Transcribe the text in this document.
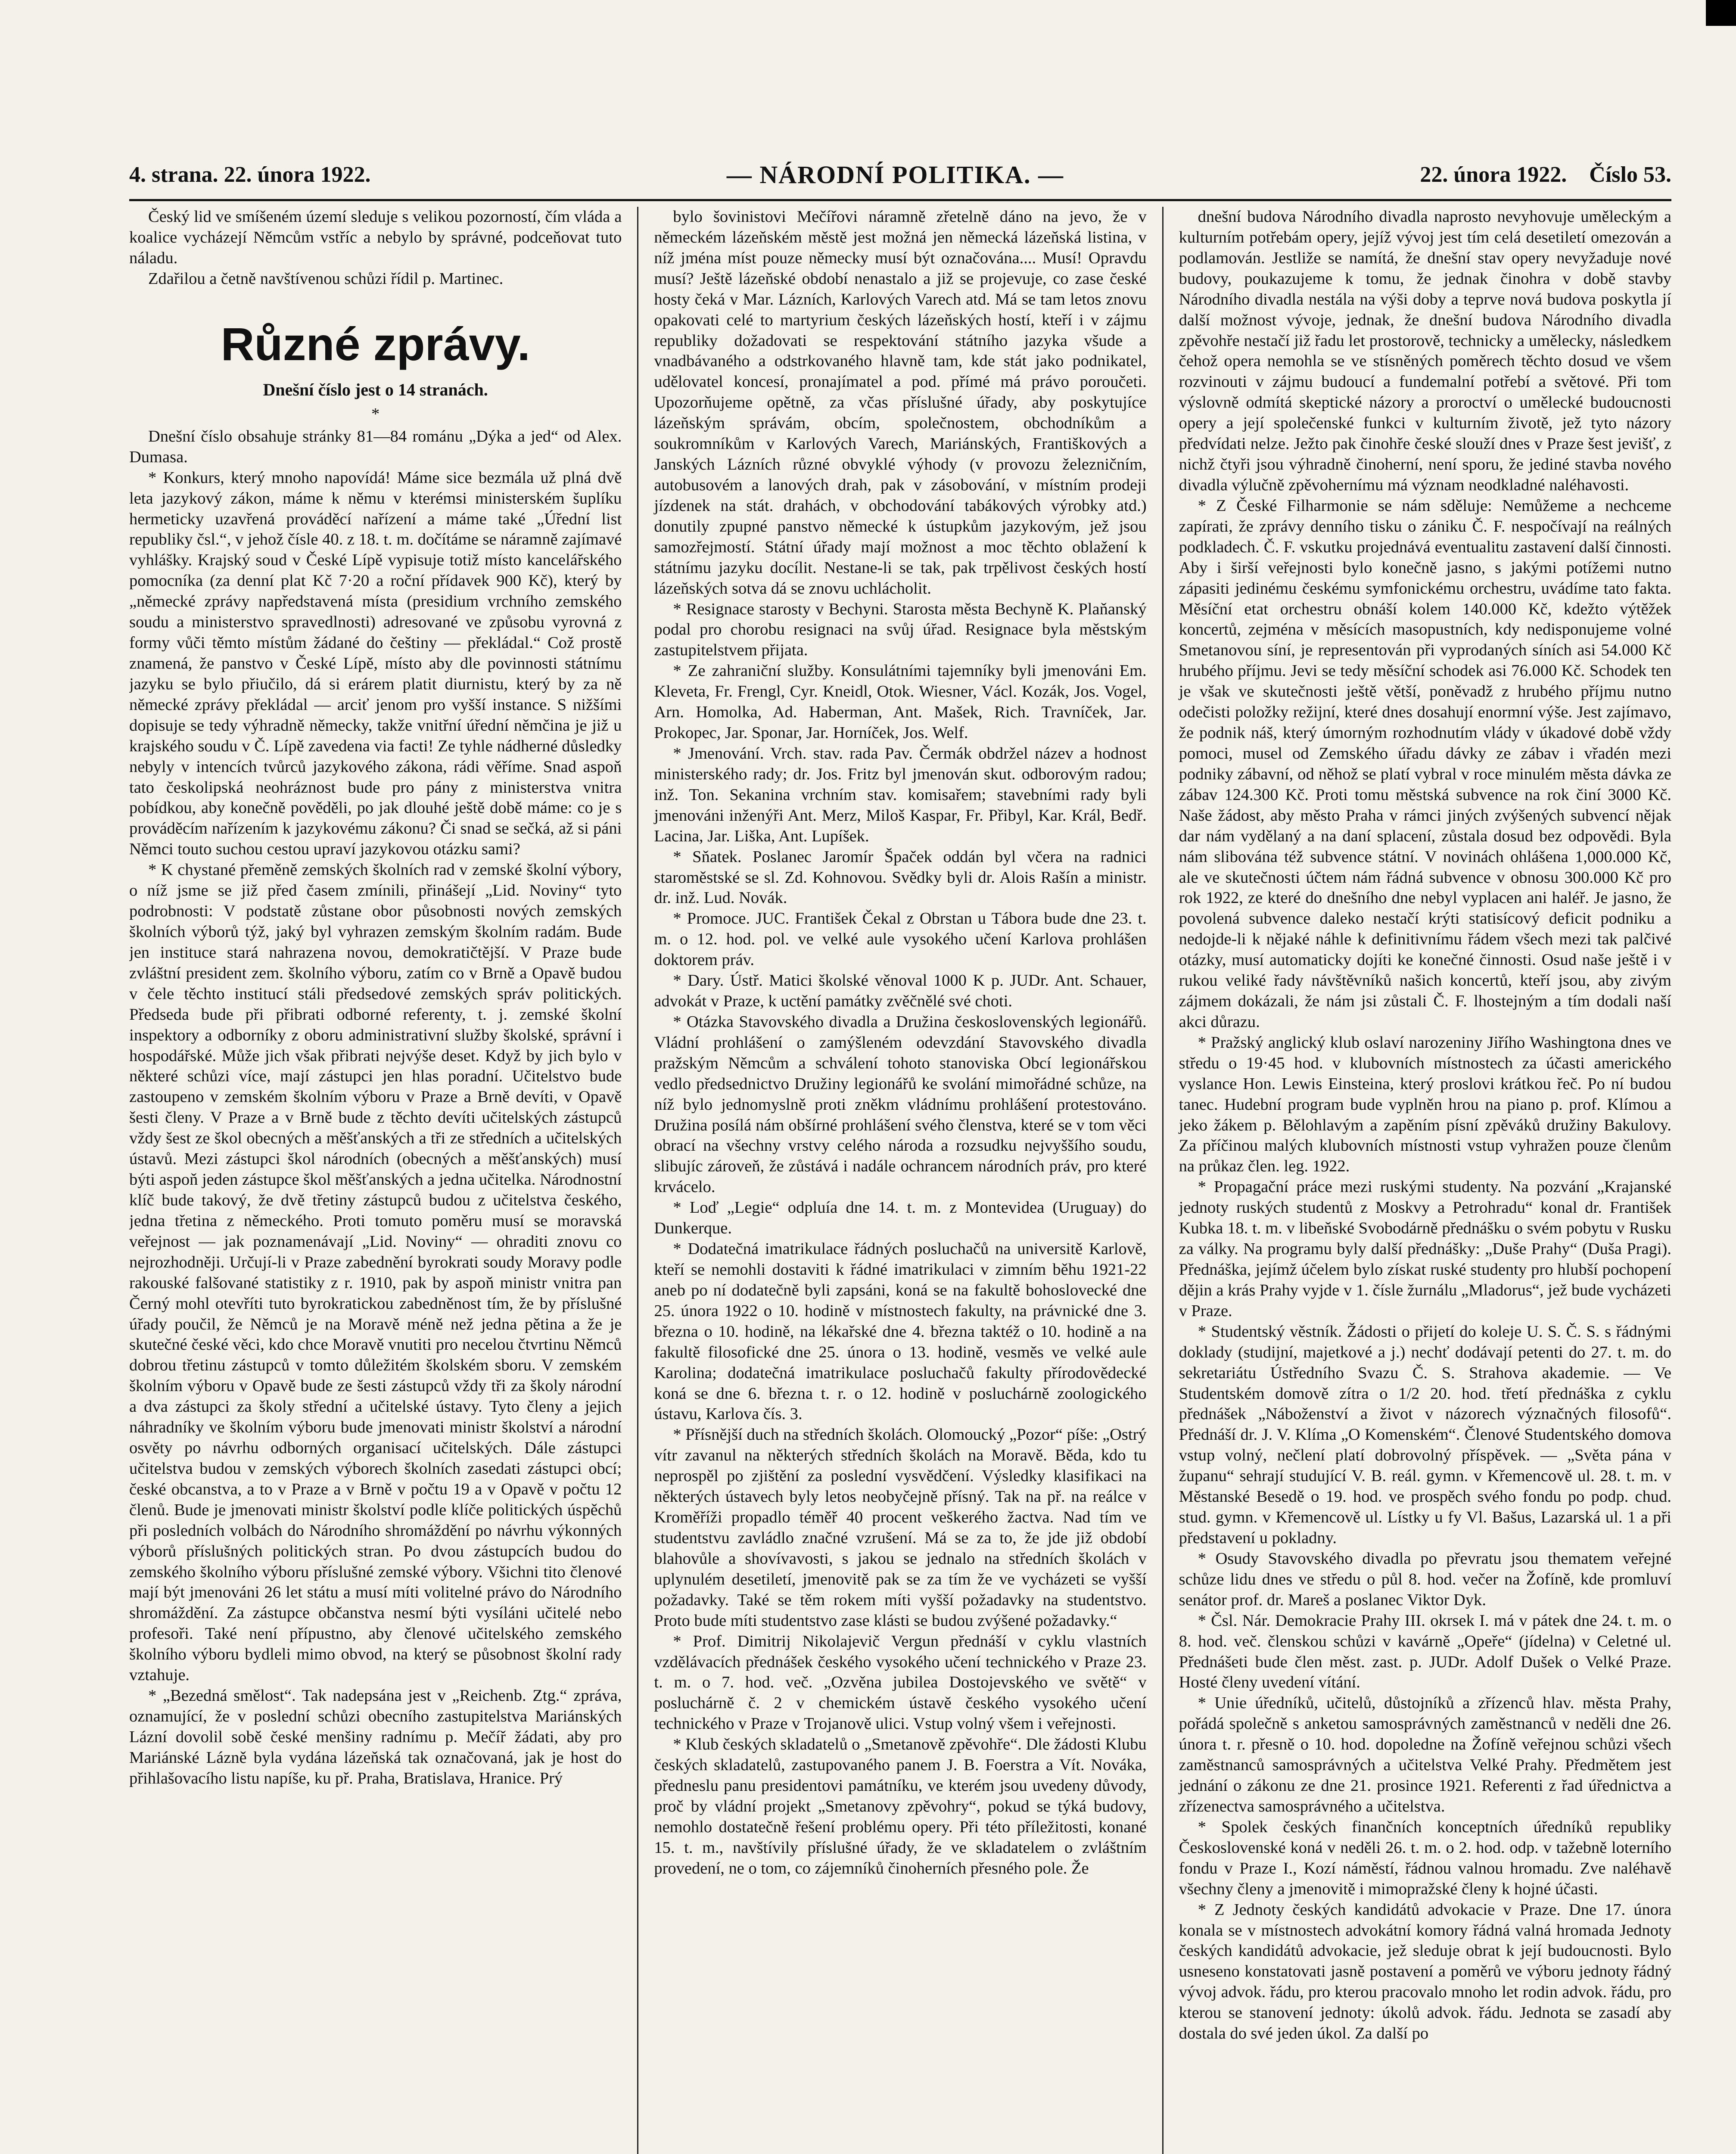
4. strana. 22. února 1922.	— NÁRODNÍ POLITIKA. —	22. února 1922. Číslo 53.

Český lid ve smíšeném území sleduje s velikou pozorností, čím vláda a koalice vycházejí Němcům vstříc a nebylo by správné, podceňovat tuto náladu.

Zdařilou a četně navštívenou schůzi řídil p. Martinec.

Různé zprávy.
Dnešní číslo jest o 14 stranách.
*

Dnešní číslo obsahuje stránky 81—84 románu „Dýka a jed“ od Alex. Dumasa.

* Konkurs, který mnoho napovídá! Máme sice bezmála už plná dvě leta jazykový zákon, máme k němu v kterémsi ministerském šuplíku hermeticky uzavřená prováděcí nařízení a máme také „Úřední list republiky čsl.“, v jehož čísle 40. z 18. t. m. dočítáme se náramně zajímavé vyhlášky. Krajský soud v České Lípě vypisuje totiž místo kancelářského pomocníka (za denní plat Kč 7·20 a roční přídavek 900 Kč), který by „německé zprávy napředstavená místa (presidium vrchního zemského soudu a ministerstvo spravedlnosti) adresované ve způsobu vyrovná z formy vůči těmto místům žádané do češtiny — překládal.“ Což prostě znamená, že panstvo v České Lípě, místo aby dle povinnosti státnímu jazyku se bylo přiučilo, dá si erárem platit diurnistu, který by za ně německé zprávy překládal — arciť jenom pro vyšší instance. S nižšími dopisuje se tedy výhradně německy, takže vnitřní úřední němčina je již u krajského soudu v Č. Lípě zavedena via facti! Ze tyhle nádherné důsledky nebyly v intencích tvůrců jazykového zákona, rádi věříme. Snad aspoň tato českolipská neohráznost bude pro pány z ministerstva vnitra pobídkou, aby konečně pověděli, po jak dlouhé ještě době máme: co je s prováděcím nařízením k jazykovému zákonu? Či snad se sečká, až si páni Němci touto suchou cestou upraví jazykovou otázku sami?

* K chystané přeměně zemských školních rad v zemské školní výbory, o níž jsme se již před časem zmínili, přinášejí „Lid. Noviny“ tyto podrobnosti: V podstatě zůstane obor působnosti nových zemských školních výborů týž, jaký byl vyhrazen zemským školním radám. Bude jen instituce stará nahrazena novou, demokratičtější. V Praze bude zvláštní president zem. školního výboru, zatím co v Brně a Opavě budou v čele těchto institucí stáli předsedové zemských správ politických. Předseda bude při přibrati odborné referenty, t. j. zemské školní inspektory a odborníky z oboru administrativní služby školské, správní i hospodářské. Může jich však přibrati nejvýše deset. Když by jich bylo v některé schůzi více, mají zástupci jen hlas poradní. Učitelstvo bude zastoupeno v zemském školním výboru v Praze a Brně devíti, v Opavě šesti členy. V Praze a v Brně bude z těchto devíti učitelských zástupců vždy šest ze škol obecných a měšťanských a tři ze středních a učitelských ústavů. Mezi zástupci škol národních (obecných a měšťanských) musí býti aspoň jeden zástupce škol měšťanských a jedna učitelka. Národnostní klíč bude takový, že dvě třetiny zástupců budou z učitelstva českého, jedna třetina z německého. Proti tomuto poměru musí se moravská veřejnost — jak poznamenávají „Lid. Noviny“ — ohraditi znovu co nejrozhodněji. Určují-li v Praze zabednění byrokrati soudy Moravy podle rakouské falšované statistiky z r. 1910, pak by aspoň ministr vnitra pan Černý mohl otevříti tuto byrokratickou zabedněnost tím, že by příslušné úřady poučil, že Němců je na Moravě méně než jedna pětina a že je skutečné české věci, kdo chce Moravě vnutiti pro necelou čtvrtinu Němců dobrou třetinu zástupců v tomto důležitém školském sboru. V zemském školním výboru v Opavě bude ze šesti zástupců vždy tři za školy národní a dva zástupci za školy střední a učitelské ústavy. Tyto členy a jejich náhradníky ve školním výboru bude jmenovati ministr školství a národní osvěty po návrhu odborných organisací učitelských. Dále zástupci učitelstva budou v zemských výborech školních zasedati zástupci obcí; české obcanstva, a to v Praze a v Brně v počtu 19 a v Opavě v počtu 12 členů. Bude je jmenovati ministr školství podle klíče politických úspěchů při posledních volbách do Národního shromáždění po návrhu výkonných výborů příslušných politických stran. Po dvou zástupcích budou do zemského školního výboru příslušné zemské výbory. Všichni tito členové mají být jmenováni 26 let státu a musí míti volitelné právo do Národního shromáždění. Za zástupce občanstva nesmí býti vysíláni učitelé nebo profesoři. Také není přípustno, aby členové učitelského zemského školního výboru bydleli mimo obvod, na který se působnost školní rady vztahuje.

* „Bezedná smělost“. Tak nadepsána jest v „Reichenb. Ztg.“ zpráva, oznamující, že v poslední schůzi obecního zastupitelstva Mariánských Lázní dovolil sobě české menšiny radnímu p. Mečíř žádati, aby pro Mariánské Lázně byla vydána lázeňská tak označovaná, jak je host do přihlašovacího listu napíše, ku př. Praha, Bratislava, Hranice. Prý

bylo šovinistovi Mečířovi náramně zřetelně dáno na jevo, že v německém lázeňském městě jest možná jen německá lázeňská listina, v níž jména míst pouze německy musí být označována.... Musí! Opravdu musí? Ještě lázeňské období nenastalo a již se projevuje, co zase české hosty čeká v Mar. Lázních, Karlových Varech atd. Má se tam letos znovu opakovati celé to martyrium českých lázeňských hostí, kteří i v zájmu republiky dožadovati se respektování státního jazyka všude a vnadbávaného a odstrkovaného hlavně tam, kde stát jako podnikatel, udělovatel koncesí, pronajímatel a pod. přímé má právo poroučeti. Upozorňujeme opětně, za včas příslušné úřady, aby poskytujíce lázeňským správám, obcím, společnostem, obchodníkům a soukromníkům v Karlových Varech, Mariánských, Františkových a Janských Lázních různé obvyklé výhody (v provozu železničním, autobusovém a lanových drah, pak v zásobování, v místním prodeji jízdenek na stát. drahách, v obchodování tabákových výrobky atd.) donutily zpupné panstvo německé k ústupkům jazykovým, jež jsou samozřejmostí. Státní úřady mají možnost a moc těchto oblažení k státnímu jazyku docílit. Nestane-li se tak, pak trpělivost českých hostí lázeňských sotva dá se znovu uchlácholit.

* Resignace starosty v Bechyni. Starosta města Bechyně K. Plaňanský podal pro chorobu resignaci na svůj úřad. Resignace byla městským zastupitelstvem přijata.

* Ze zahraniční služby. Konsulátními tajemníky byli jmenováni Em. Kleveta, Fr. Frengl, Cyr. Kneidl, Otok. Wiesner, Václ. Kozák, Jos. Vogel, Arn. Homolka, Ad. Haberman, Ant. Mašek, Rich. Travníček, Jar. Prokopec, Jar. Sponar, Jar. Horníček, Jos. Welf.

* Jmenování. Vrch. stav. rada Pav. Čermák obdržel název a hodnost ministerského rady; dr. Jos. Fritz byl jmenován skut. odborovým radou; inž. Ton. Sekanina vrchním stav. komisařem; stavebními rady byli jmenováni inženýři Ant. Merz, Miloš Kaspar, Fr. Přibyl, Kar. Král, Bedř. Lacina, Jar. Liška, Ant. Lupíšek.

* Sňatek. Poslanec Jaromír Špaček oddán byl včera na radnici staroměstské se sl. Zd. Kohnovou. Svědky byli dr. Alois Rašín a ministr. dr. inž. Lud. Novák.

* Promoce. JUC. František Čekal z Obrstan u Tábora bude dne 23. t. m. o 12. hod. pol. ve velké aule vysokého učení Karlova prohlášen doktorem práv.

* Dary. Ústř. Matici školské věnoval 1000 K p. JUDr. Ant. Schauer, advokát v Praze, k uctění památky zvěčnělé své choti.

* Otázka Stavovského divadla a Družina československých legionářů. Vládní prohlášení o zamýšleném odevzdání Stavovského divadla pražským Němcům a schválení tohoto stanoviska Obcí legionářskou vedlo předsednictvo Družiny legionářů ke svolání mimořádné schůze, na níž bylo jednomyslně proti zněkm vládnímu prohlášení protestováno. Družina posílá nám obšírné prohlášení svého členstva, které se v tom věci obrací na všechny vrstvy celého národa a rozsudku nejvyššího soudu, slibujíc zároveň, že zůstává i nadále ochrancem národních práv, pro které krvácelo.

* Loď „Legie“ odpluía dne 14. t. m. z Montevidea (Uruguay) do Dunkerque.

* Dodatečná imatrikulace řádných posluchačů na universitě Karlově, kteří se nemohli dostaviti k řádné imatrikulaci v zimním běhu 1921-22 aneb po ní dodatečně byli zapsáni, koná se na fakultě bohoslovecké dne 25. února 1922 o 10. hodině v místnostech fakulty, na právnické dne 3. března o 10. hodině, na lékařské dne 4. března taktéž o 10. hodině a na fakultě filosofické dne 25. února o 13. hodině, vesměs ve velké aule Karolina; dodatečná imatrikulace posluchačů fakulty přírodovědecké koná se dne 6. března t. r. o 12. hodině v posluchárně zoologického ústavu, Karlova čís. 3.

* Přísnější duch na středních školách. Olomoucký „Pozor“ píše: „Ostrý vítr zavanul na některých středních školách na Moravě. Běda, kdo tu neprospěl po zjištění za poslední vysvědčení. Výsledky klasifikaci na některých ústavech byly letos neobyčejně přísný. Tak na př. na reálce v Kroměříži propadlo téměř 40 procent veškerého žactva. Nad tím ve studentstvu zavládlo značné vzrušení. Má se za to, že jde již období blahovůle a shovívavosti, s jakou se jednalo na středních školách v uplynulém desetiletí, jmenovitě pak se za tím že ve vycházeti se vyšší požadavky. Také se těm rokem míti vyšší požadavky na studentstvo. Proto bude míti studentstvo zase klásti se budou zvýšené požadavky.“

* Prof. Dimitrij Nikolajevič Vergun přednáší v cyklu vlastních vzdělávacích přednášek českého vysokého učení technického v Praze 23. t. m. o 7. hod. več. „Ozvěna jubilea Dostojevského ve světě“ v posluchárně č. 2 v chemickém ústavě českého vysokého učení technického v Praze v Trojanově ulici. Vstup volný všem i veřejnosti.

* Klub českých skladatelů o „Smetanově zpěvohře“. Dle žádosti Klubu českých skladatelů, zastupovaného panem J. B. Foerstra a Vít. Nováka, předneslu panu presidentovi památníku, ve kterém jsou uvedeny důvody, proč by vládní projekt „Smetanovy zpěvohry“, pokud se týká budovy, nemohlo dostatečně řešení problému opery. Při této příležitosti, konané 15. t. m., navštívily příslušné úřady, že ve skladatelem o zvláštním provedení, ne o tom, co zájemníků činoherních přesného pole. Že

dnešní budova Národního divadla naprosto nevyhovuje uměleckým a kulturním potřebám opery, jejíž vývoj jest tím celá desetiletí omezován a podlamován. Jestliže se namítá, že dnešní stav opery nevyžaduje nové budovy, poukazujeme k tomu, že jednak činohra v době stavby Národního divadla nestála na výši doby a teprve nová budova poskytla jí další možnost vývoje, jednak, že dnešní budova Národního divadla zpěvohře nestačí již řadu let prostorově, technicky a umělecky, následkem čehož opera nemohla se ve stísněných poměrech těchto dosud ve všem rozvinouti v zájmu budoucí a fundemalní potřebí a světové. Při tom výslovně odmítá skeptické názory a proroctví o umělecké budoucnosti opery a její společenské funkci v kulturním životě, jež tyto názory předvídati nelze. Ježto pak činohře české slouží dnes v Praze šest jevišť, z nichž čtyři jsou výhradně činoherní, není sporu, že jediné stavba nového divadla výlučně zpěvohernímu má význam neodkladné naléhavosti.

* Z České Filharmonie se nám sděluje: Nemůžeme a nechceme zapírati, že zprávy denního tisku o zániku Č. F. nespočívají na reálných podkladech. Č. F. vskutku projednává eventualitu zastavení další činnosti. Aby i širší veřejnosti bylo konečně jasno, s jakými potížemi nutno zápasiti jedinému českému symfonickému orchestru, uvádíme tato fakta. Měsíční etat orchestru obnáší kolem 140.000 Kč, kdežto výtěžek koncertů, zejména v měsících masopustních, kdy nedisponujeme volné Smetanovou síní, je representován při vyprodaných síních asi 54.000 Kč hrubého příjmu. Jevi se tedy měsíční schodek asi 76.000 Kč. Schodek ten je však ve skutečnosti ještě větší, poněvadž z hrubého příjmu nutno odečisti položky režijní, které dnes dosahují enormní výše. Jest zajímavo, že podnik náš, který úmorným rozhodnutím vlády v úkadové době vždy pomoci, musel od Zemského úřadu dávky ze zábav i vřadén mezi podniky zábavní, od něhož se platí vybral v roce minulém města dávka ze zábav 124.300 Kč. Proti tomu městská subvence na rok činí 3000 Kč. Naše žádost, aby město Praha v rámci jiných zvýšených subvencí nějak dar nám vydělaný a na daní splacení, zůstala dosud bez odpovědi. Byla nám slibována též subvence státní. V novinách ohlášena 1,000.000 Kč, ale ve skutečnosti účtem nám řádná subvence v obnosu 300.000 Kč pro rok 1922, ze které do dnešního dne nebyl vyplacen ani haléř. Je jasno, že povolená subvence daleko nestačí krýti statisícový deficit podniku a nedojde-li k nějaké náhle k definitivnímu řádem všech mezi tak palčivé otázky, musí automaticky dojíti ke konečné činnosti. Osud naše ještě i v rukou veliké řady návštěvníků našich koncertů, kteří jsou, aby zivým zájmem dokázali, že nám jsi zůstali Č. F. lhostejným a tím dodali naší akci důrazu.

* Pražský anglický klub oslaví narozeniny Jiřího Washingtona dnes ve středu o 19·45 hod. v klubovních místnostech za účasti amerického vyslance Hon. Lewis Einsteina, který proslovi krátkou řeč. Po ní budou tanec. Hudební program bude vyplněn hrou na piano p. prof. Klímou a jeko žákem p. Bělohlavým a zapěním písní zpěváků družiny Bakulovy. Za příčinou malých klubovních místnosti vstup vyhražen pouze členům na průkaz člen. leg. 1922.

* Propagační práce mezi ruskými studenty. Na pozvání „Krajanské jednoty ruských studentů z Moskvy a Petrohradu“ konal dr. František Kubka 18. t. m. v libeňské Svobodárně přednášku o svém pobytu v Rusku za války. Na programu byly další přednášky: „Duše Prahy“ (Duša Pragi). Přednáška, jejímž účelem bylo získat ruské studenty pro hlubší pochopení dějin a krás Prahy vyjde v 1. čísle žurnálu „Mladorus“, jež bude vycházeti v Praze.

* Studentský věstník. Žádosti o přijetí do koleje U. S. Č. S. s řádnými doklady (studijní, majetkové a j.) nechť dodávají petenti do 27. t. m. do sekretariátu Ústředního Svazu Č. S. Strahova akademie. — Ve Studentském domově zítra o 1/2 20. hod. třetí přednáška z cyklu přednášek „Náboženství a život v názorech význačných filosofů“. Přednáší dr. J. V. Klíma „O Komenském“. Členové Studentského domova vstup volný, nečlení platí dobrovolný příspěvek. — „Světa pána v županu“ sehrají studující V. B. reál. gymn. v Křemencově ul. 28. t. m. v Městanské Besedě o 19. hod. ve prospěch svého fondu po podp. chud. stud. gymn. v Křemencově ul. Lístky u fy Vl. Bašus, Lazarská ul. 1 a při představení u pokladny.

* Osudy Stavovského divadla po převratu jsou thematem veřejné schůze lidu dnes ve středu o půl 8. hod. večer na Žofíně, kde promluví senátor prof. dr. Mareš a poslanec Viktor Dyk.

* Čsl. Nár. Demokracie Prahy III. okrsek I. má v pátek dne 24. t. m. o 8. hod. več. členskou schůzi v kavárně „Opeře“ (jídelna) v Celetné ul. Přednášeti bude člen měst. zast. p. JUDr. Adolf Dušek o Velké Praze. Hosté členy uvedení vítání.

* Unie úředníků, učitelů, důstojníků a zřízenců hlav. města Prahy, pořádá společně s anketou samosprávných zaměstnanců v neděli dne 26. února t. r. přesně o 10. hod. dopoledne na Žofíně veřejnou schůzi všech zaměstnanců samosprávných a učitelstva Velké Prahy. Předmětem jest jednání o zákonu ze dne 21. prosince 1921. Referenti z řad úřednictva a zřízenectva samosprávného a učitelstva.

* Spolek českých finančních konceptních úředníků republiky Československé koná v neděli 26. t. m. o 2. hod. odp. v tažebně loterního fondu v Praze I., Kozí náměstí, řádnou valnou hromadu. Zve naléhavě všechny členy a jmenovitě i mimopražské členy k hojné účasti.

* Z Jednoty českých kandidátů advokacie v Praze. Dne 17. února konala se v místnostech advokátní komory řádná valná hromada Jednoty českých kandidátů advokacie, jež sleduje obrat k její budoucnosti. Bylo usneseno konstatovati jasně postavení a poměrů ve výboru jednoty řádný vývoj advok. řádu, pro kterou pracovalo mnoho let rodin advok. řádu, pro kterou se stanovení jednoty: úkolů advok. řádu. Jednota se zasadí aby dostala do své jeden úkol. Za další po
